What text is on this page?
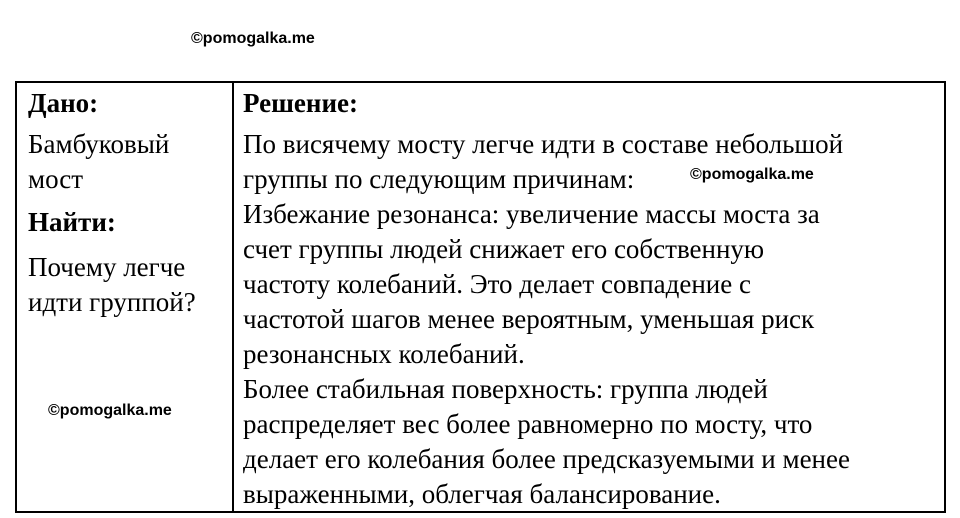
©pomogalka.me

Дано:

Бамбуковый
мост

Найти:

Почему легче
идти группой?

Решение:

По висячему мосту легче идти в составе небольшой
группы по следующим причинам:

Избежание резонанса: увеличение массы моста за
счет группы людей снижает его собственную
частоту колебаний. Это делает совпадение с
частотой шагов менее вероятным, уменьшая риск
резонансных колебаний.

Более стабильная поверхность: группа людей
распределяет вес более равномерно по мосту, что
делает его колебания более предсказуемыми и менее
выраженными, облегчая балансирование.

©pomogalka.me
©pomogalka.me
